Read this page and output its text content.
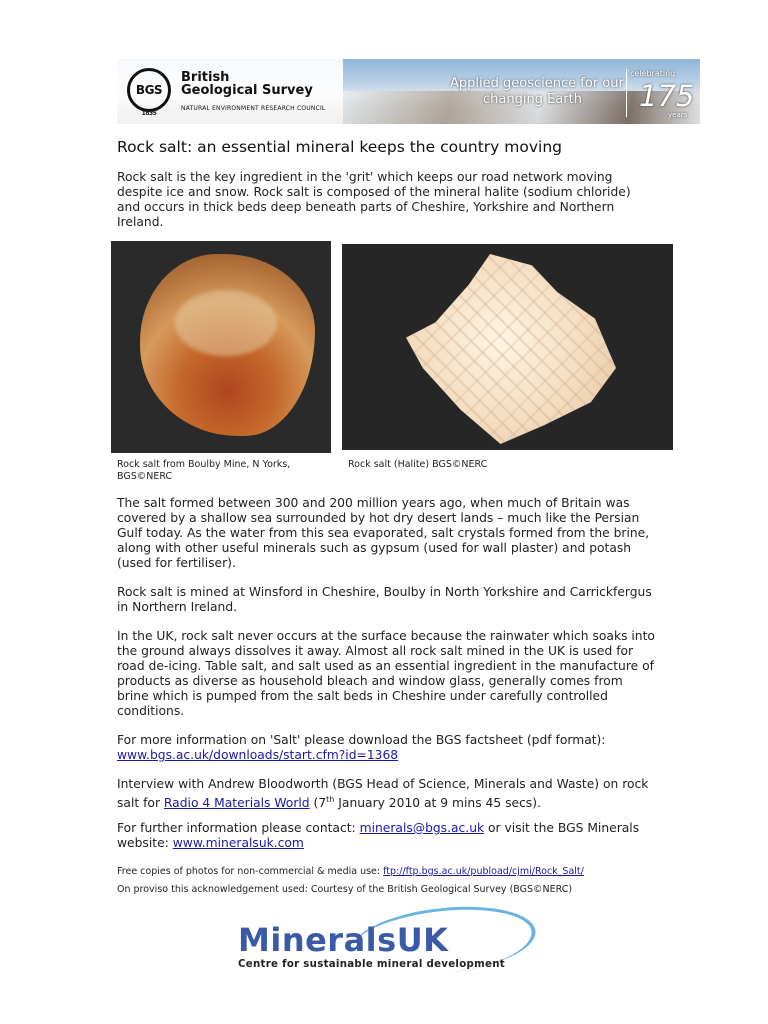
BGS
1835
British
Geological Survey
NATURAL ENVIRONMENT RESEARCH COUNCIL
Applied geoscience for our
changing Earth
celebrating
175
years
Rock salt: an essential mineral keeps the country moving

Rock salt is the key ingredient in the 'grit' which keeps our road network moving despite ice and snow. Rock salt is composed of the mineral halite (sodium chloride) and occurs in thick beds deep beneath parts of Cheshire, Yorkshire and Northern Ireland.

Rock salt from Boulby Mine, N Yorks, BGS©NERC

Rock salt (Halite) BGS©NERC

The salt formed between 300 and 200 million years ago, when much of Britain was covered by a shallow sea surrounded by hot dry desert lands – much like the Persian Gulf today. As the water from this sea evaporated, salt crystals formed from the brine, along with other useful minerals such as gypsum (used for wall plaster) and potash (used for fertiliser).

Rock salt is mined at Winsford in Cheshire, Boulby in North Yorkshire and Carrickfergus in Northern Ireland.

In the UK, rock salt never occurs at the surface because the rainwater which soaks into the ground always dissolves it away. Almost all rock salt mined in the UK is used for road de-icing. Table salt, and salt used as an essential ingredient in the manufacture of products as diverse as household bleach and window glass, generally comes from brine which is pumped from the salt beds in Cheshire under carefully controlled conditions.

For more information on 'Salt' please download the BGS factsheet (pdf format):
www.bgs.ac.uk/downloads/start.cfm?id=1368

Interview with Andrew Bloodworth (BGS Head of Science, Minerals and Waste) on rock salt for Radio 4 Materials World (7th January 2010 at 9 mins 45 secs).

For further information please contact: minerals@bgs.ac.uk or visit the BGS Minerals website: www.mineralsuk.com

Free copies of photos for non-commercial & media use: ftp://ftp.bgs.ac.uk/pubload/cjmi/Rock_Salt/

On proviso this acknowledgement used: Courtesy of the British Geological Survey (BGS©NERC)

MineralsUK
Centre for sustainable mineral development
